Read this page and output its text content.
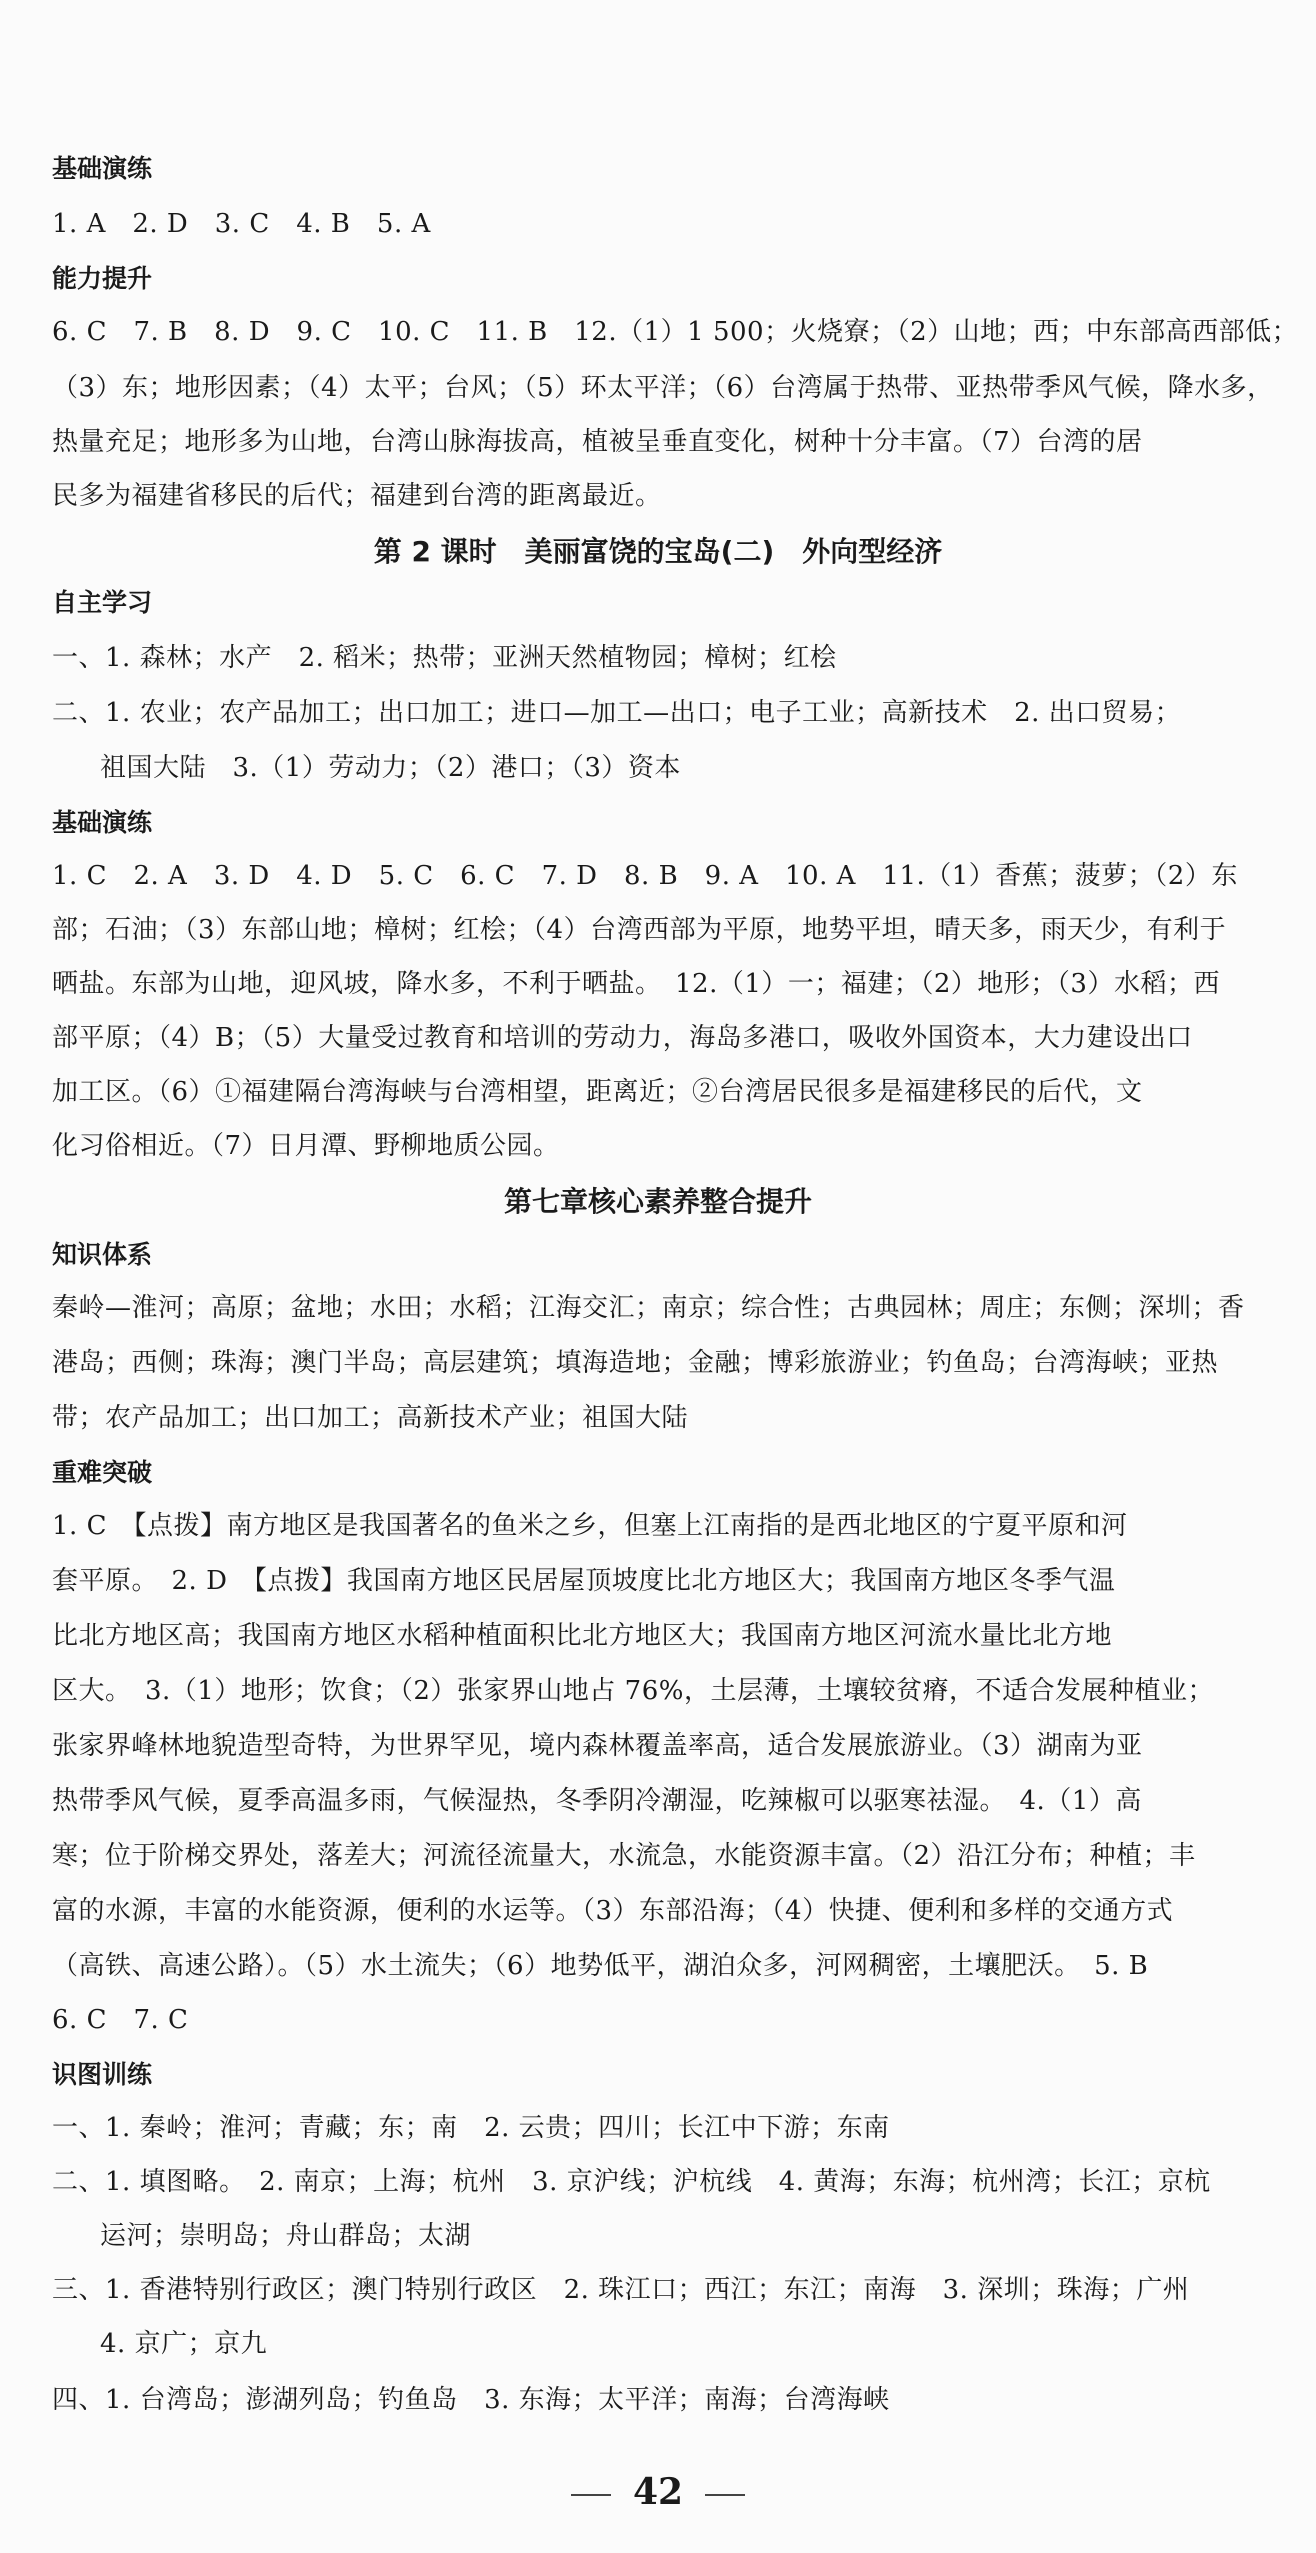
基础演练
1. A　2. D　3. C　4. B　5. A
能力提升
6. C　7. B　8. D　9. C　10. C　11. B　12.（1）1 500；火烧寮；（2）山地；西；中东部高西部低；
（3）东；地形因素；（4）太平；台风；（5）环太平洋；（6）台湾属于热带、亚热带季风气候，降水多，
热量充足；地形多为山地，台湾山脉海拔高，植被呈垂直变化，树种十分丰富。（7）台湾的居
民多为福建省移民的后代；福建到台湾的距离最近。
第 2 课时　美丽富饶的宝岛(二)　外向型经济
自主学习
一、1. 森林；水产　2. 稻米；热带；亚洲天然植物园；樟树；红桧
二、1. 农业；农产品加工；出口加工；进口—加工—出口；电子工业；高新技术　2. 出口贸易；
祖国大陆　3.（1）劳动力；（2）港口；（3）资本
基础演练
1. C　2. A　3. D　4. D　5. C　6. C　7. D　8. B　9. A　10. A　11.（1）香蕉；菠萝；（2）东
部；石油；（3）东部山地；樟树；红桧；（4）台湾西部为平原，地势平坦，晴天多，雨天少，有利于
晒盐。东部为山地，迎风坡，降水多，不利于晒盐。　12.（1）一；福建；（2）地形；（3）水稻；西
部平原；（4）B；（5）大量受过教育和培训的劳动力，海岛多港口，吸收外国资本，大力建设出口
加工区。（6）①福建隔台湾海峡与台湾相望，距离近；②台湾居民很多是福建移民的后代，文
化习俗相近。（7）日月潭、野柳地质公园。
第七章核心素养整合提升
知识体系
秦岭—淮河；高原；盆地；水田；水稻；江海交汇；南京；综合性；古典园林；周庄；东侧；深圳；香
港岛；西侧；珠海；澳门半岛；高层建筑；填海造地；金融；博彩旅游业；钓鱼岛；台湾海峡；亚热
带；农产品加工；出口加工；高新技术产业；祖国大陆
重难突破
1. C　【点拨】南方地区是我国著名的鱼米之乡，但塞上江南指的是西北地区的宁夏平原和河
套平原。　2. D　【点拨】我国南方地区民居屋顶坡度比北方地区大；我国南方地区冬季气温
比北方地区高；我国南方地区水稻种植面积比北方地区大；我国南方地区河流水量比北方地
区大。　3.（1）地形；饮食；（2）张家界山地占 76%，土层薄，土壤较贫瘠，不适合发展种植业；
张家界峰林地貌造型奇特，为世界罕见，境内森林覆盖率高，适合发展旅游业。（3）湖南为亚
热带季风气候，夏季高温多雨，气候湿热，冬季阴冷潮湿，吃辣椒可以驱寒祛湿。　4.（1）高
寒；位于阶梯交界处，落差大；河流径流量大，水流急，水能资源丰富。（2）沿江分布；种植；丰
富的水源，丰富的水能资源，便利的水运等。（3）东部沿海；（4）快捷、便利和多样的交通方式
（高铁、高速公路）。（5）水土流失；（6）地势低平，湖泊众多，河网稠密，土壤肥沃。　5. B
6. C　7. C
识图训练
一、1. 秦岭；淮河；青藏；东；南　2. 云贵；四川；长江中下游；东南
二、1. 填图略。　2. 南京；上海；杭州　3. 京沪线；沪杭线　4. 黄海；东海；杭州湾；长江；京杭
运河；崇明岛；舟山群岛；太湖
三、1. 香港特别行政区；澳门特别行政区　2. 珠江口；西江；东江；南海　3. 深圳；珠海；广州
4. 京广；京九
四、1. 台湾岛；澎湖列岛；钓鱼岛　3. 东海；太平洋；南海；台湾海峡
42
